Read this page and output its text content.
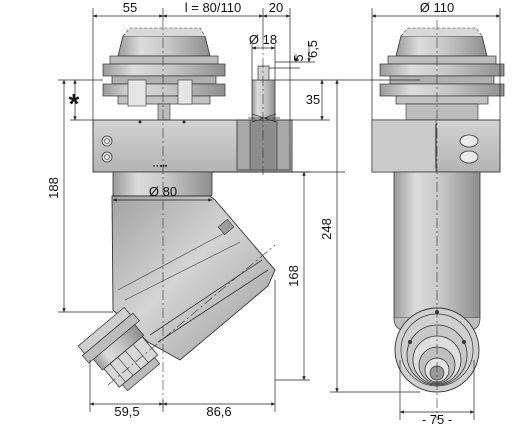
● ● ■■■
55	l = 80/110 20	Ø 110
Ø 18
5 6,5
35
*
188	Ø 80
248
168
59,5	86,6
- 75 -
